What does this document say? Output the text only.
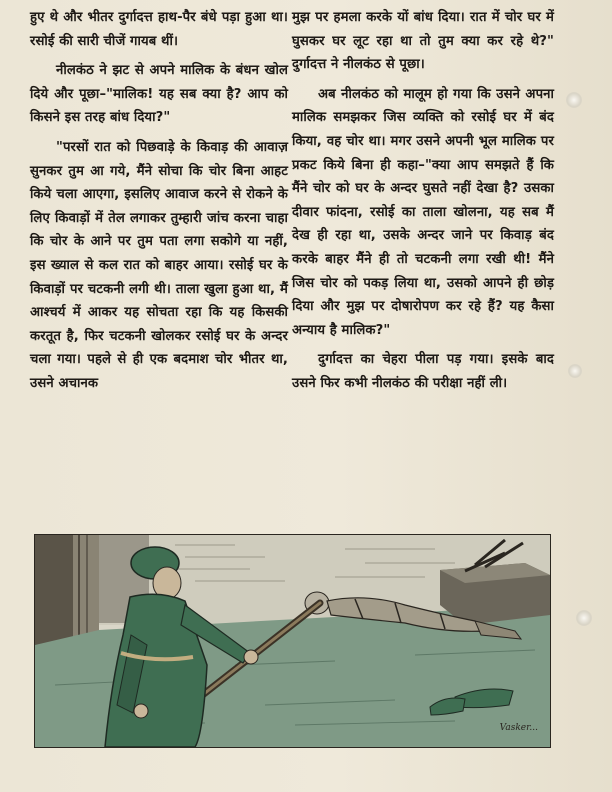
हुए थे और भीतर दुर्गादत्त हाथ-पैर बंधे पड़ा हुआ था। रसोई की सारी चीजें गायब थीं।

नीलकंठ ने झट से अपने मालिक के बंधन खोल दिये और पूछा–"मालिक! यह सब क्या है? आप को किसने इस तरह बांध दिया?"

"परसों रात को पिछवाड़े के किवाड़ की आवाज़ सुनकर तुम आ गये, मैंने सोचा कि चोर बिना आहट किये चला आएगा, इसलिए आवाज करने से रोकने के लिए किवाड़ों में तेल लगाकर तुम्हारी जांच करना चाहा कि चोर के आने पर तुम पता लगा सकोगे या नहीं, इस ख्याल से कल रात को बाहर आया। रसोई घर के किवाड़ों पर चटकनी लगी थी। ताला खुला हुआ था, मैं आश्चर्य में आकर यह सोचता रहा कि यह किसकी करतूत है, फिर चटकनी खोलकर रसोई घर के अन्दर चला गया। पहले से ही एक बदमाश चोर भीतर था, उसने अचानक

मुझ पर हमला करके यों बांध दिया। रात में चोर घर में घुसकर घर लूट रहा था तो तुम क्या कर रहे थे?" दुर्गादत्त ने नीलकंठ से पूछा।

अब नीलकंठ को मालूम हो गया कि उसने अपना मालिक समझकर जिस व्यक्ति को रसोई घर में बंद किया, वह चोर था। मगर उसने अपनी भूल मालिक पर प्रकट किये बिना ही कहा–"क्या आप समझते हैं कि मैंने चोर को घर के अन्दर घुसते नहीं देखा है? उसका दीवार फांदना, रसोई का ताला खोलना, यह सब मैं देख ही रहा था, उसके अन्दर जाने पर किवाड़ बंद करके बाहर मैंने ही तो चटकनी लगा रखी थी! मैंने जिस चोर को पकड़ लिया था, उसको आपने ही छोड़ दिया और मुझ पर दोषारोपण कर रहे हैं? यह कैसा अन्याय है मालिक?"

दुर्गादत्त का चेहरा पीला पड़ गया। इसके बाद उसने फिर कभी नीलकंठ की परीक्षा नहीं ली।

Vasker...
